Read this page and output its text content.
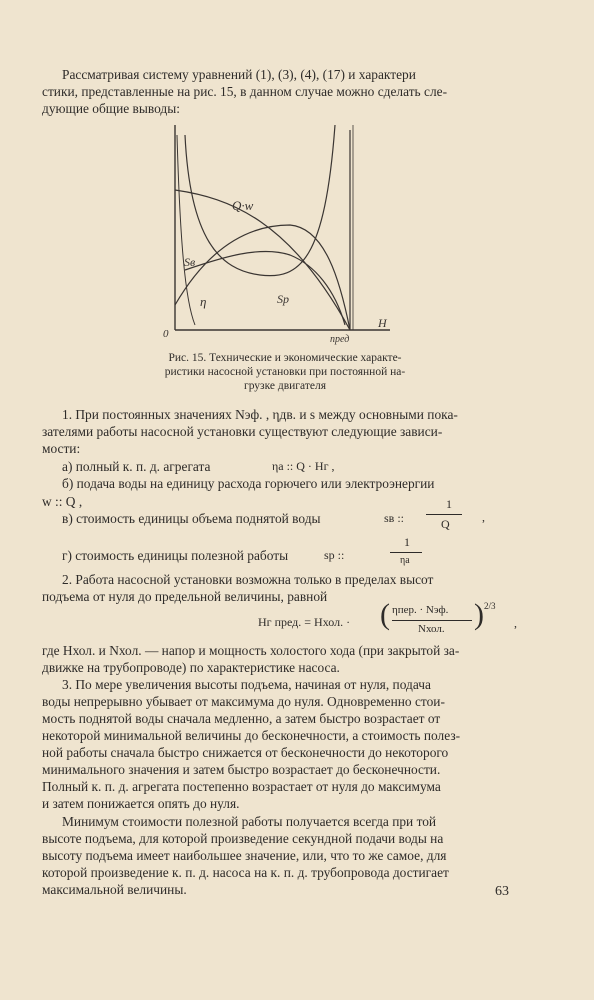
Рассматривая систему уравнений (1), (3), (4), (17) и характери
стики, представленные на рис. 15, в данном случае можно сделать сле-
дующие общие выводы:
Q·w
Sв
η	Sр
0
H
пред
Рис. 15. Технические и экономические характе-
ристики насосной установки при постоянной на-
грузке двигателя
1. При постоянных значениях Nэф. , ηдв. и s между основными пока-
зателями работы насосной установки существуют следующие зависи-
мости:
а) полный к. п. д. агрегата	ηа :: Q · Hг ,
б) подача воды на единицу расхода горючего или электроэнергии
w :: Q ,
в) стоимость единицы объема поднятой воды	sв ::
1
Q	,
г) стоимость единицы полезной работы	sр ::
1
ηа
2. Работа насосной установки возможна только в пределах высот
подъема от нуля до предельной величины, равной
Hг пред. = Hхол. · ( ηпер. · Nэф.
Nхол. ) 2/3
,
где Hхол. и Nхол. — напор и мощность холостого хода (при закрытой за-
движке на трубопроводе) по характеристике насоса.
3. По мере увеличения высоты подъема, начиная от нуля, подача
воды непрерывно убывает от максимума до нуля. Одновременно стои-
мость поднятой воды сначала медленно, а затем быстро возрастает от
некоторой минимальной величины до бесконечности, а стоимость полез-
ной работы сначала быстро снижается от бесконечности до некоторого
минимального значения и затем быстро возрастает до бесконечности.
Полный к. п. д. агрегата постепенно возрастает от нуля до максимума
и затем понижается опять до нуля.
Минимум стоимости полезной работы получается всегда при той
высоте подъема, для которой произведение секундной подачи воды на
высоту подъема имеет наибольшее значение, или, что то же самое, для
которой произведение к. п. д. насоса на к. п. д. трубопровода достигает
максимальной величины.	63
